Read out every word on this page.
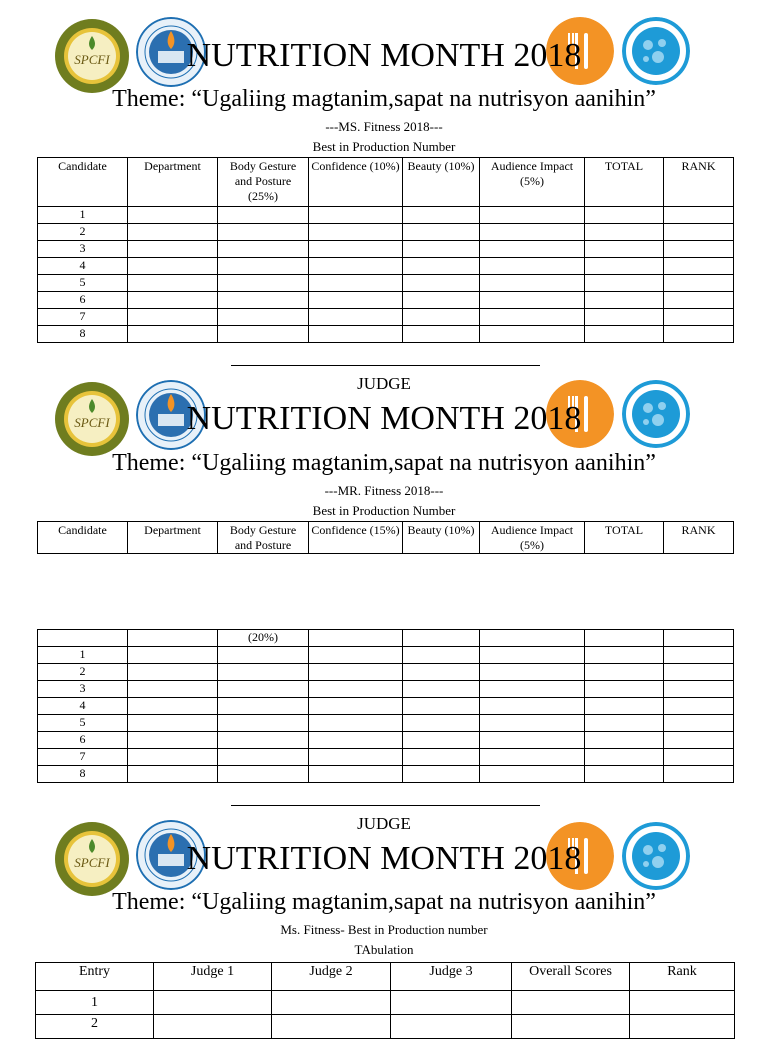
SPCFI	NUTRITION MONTH 2018
Theme: “Ugaliing magtanim,sapat na nutrisyon aanihin”
---MS. Fitness 2018---
Best in Production Number
Candidate	Department	Body Gesture and Posture (25%)	Confidence (10%)	Beauty (10%)	Audience Impact (5%)	TOTAL	RANK
1							
2							
3							
4							
5							
6							
7							
8							
JUDGE
SPCFI	NUTRITION MONTH 2018
Theme: “Ugaliing magtanim,sapat na nutrisyon aanihin”
---MR. Fitness 2018---
Best in Production Number
Candidate	Department	Body Gesture and Posture	Confidence (15%)	Beauty (10%)	Audience Impact (5%)	TOTAL	RANK
		(20%)					
1							
2							
3							
4							
5							
6							
7							
8							
JUDGE
SPCFI	NUTRITION MONTH 2018
Theme: “Ugaliing magtanim,sapat na nutrisyon aanihin”
Ms. Fitness- Best in Production number
TAbulation
Entry	Judge 1	Judge 2	Judge 3	Overall Scores	Rank
1					
2					
